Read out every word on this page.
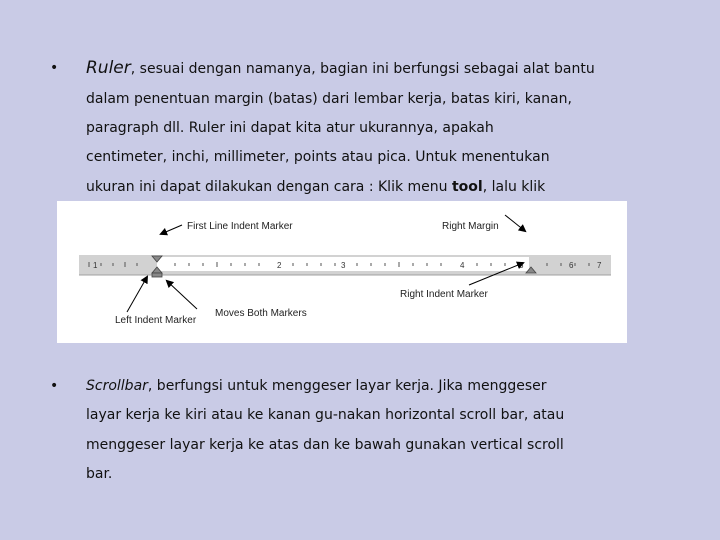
• Ruler, sesuai dengan namanya, bagian ini berfungsi sebagai alat bantu
dalam penentuan margin (batas) dari lembar kerja, batas kiri, kanan,
paragraph dll. Ruler ini dapat kita atur ukurannya, apakah
centimeter, inchi, millimeter, points atau pica. Untuk menentukan
ukuran ini dapat dilakukan dengan cara : Klik menu tool, lalu klik
1	2	3	4	5	6	7
First Line Indent Marker	Right Margin
Right Indent Marker
Moves Both Markers
Left Indent Marker
• Scrollbar, berfungsi untuk menggeser layar kerja. Jika menggeser
layar kerja ke kiri atau ke kanan gu-nakan horizontal scroll bar, atau
menggeser layar kerja ke atas dan ke bawah gunakan vertical scroll
bar.
